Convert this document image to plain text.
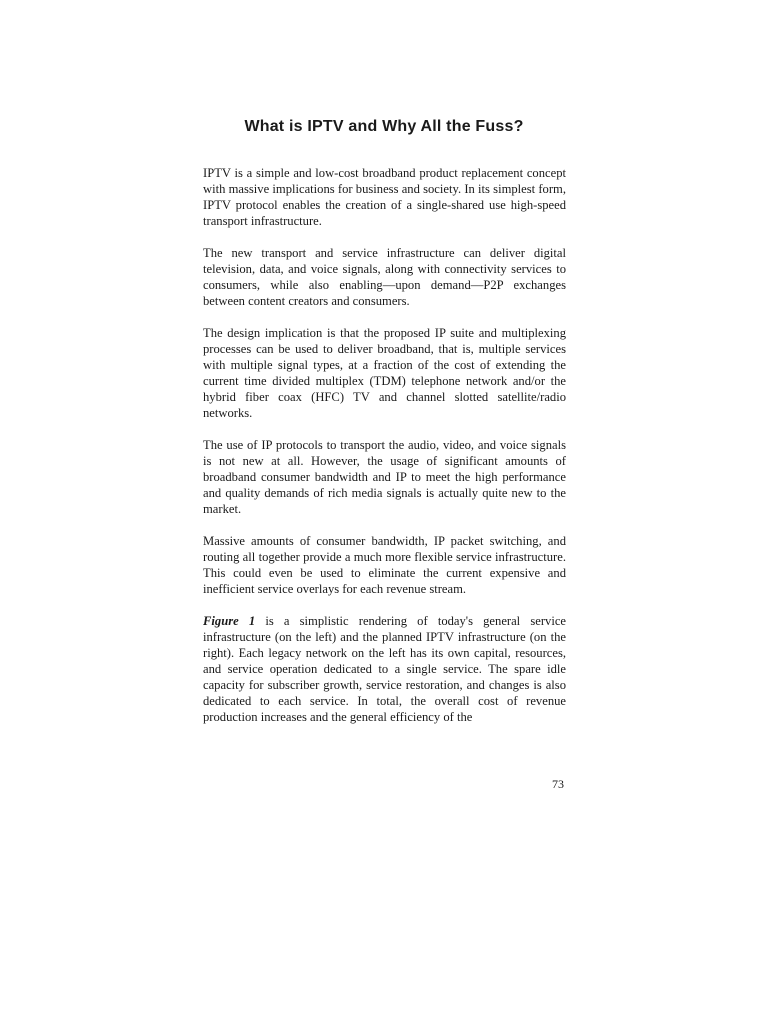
What is IPTV and Why All the Fuss?

IPTV is a simple and low-cost broadband product replacement concept with massive implications for business and society. In its simplest form, IPTV protocol enables the creation of a single-shared use high-speed transport infrastructure.

The new transport and service infrastructure can deliver digital television, data, and voice signals, along with connectivity services to consumers, while also enabling—upon demand—P2P exchanges between content creators and consumers.

The design implication is that the proposed IP suite and multiplexing processes can be used to deliver broadband, that is, multiple services with multiple signal types, at a fraction of the cost of extending the current time divided multiplex (TDM) telephone network and/or the hybrid fiber coax (HFC) TV and channel slotted satellite/radio networks.

The use of IP protocols to transport the audio, video, and voice signals is not new at all. However, the usage of significant amounts of broadband consumer bandwidth and IP to meet the high performance and quality demands of rich media signals is actually quite new to the market.

Massive amounts of consumer bandwidth, IP packet switching, and routing all together provide a much more flexible service infrastructure. This could even be used to eliminate the current expensive and inefficient service overlays for each revenue stream.

Figure 1 is a simplistic rendering of today's general service infrastructure (on the left) and the planned IPTV infrastructure (on the right). Each legacy network on the left has its own capital, resources, and service operation dedicated to a single service. The spare idle capacity for subscriber growth, service restoration, and changes is also dedicated to each service. In total, the overall cost of revenue production increases and the general efficiency of the

73
